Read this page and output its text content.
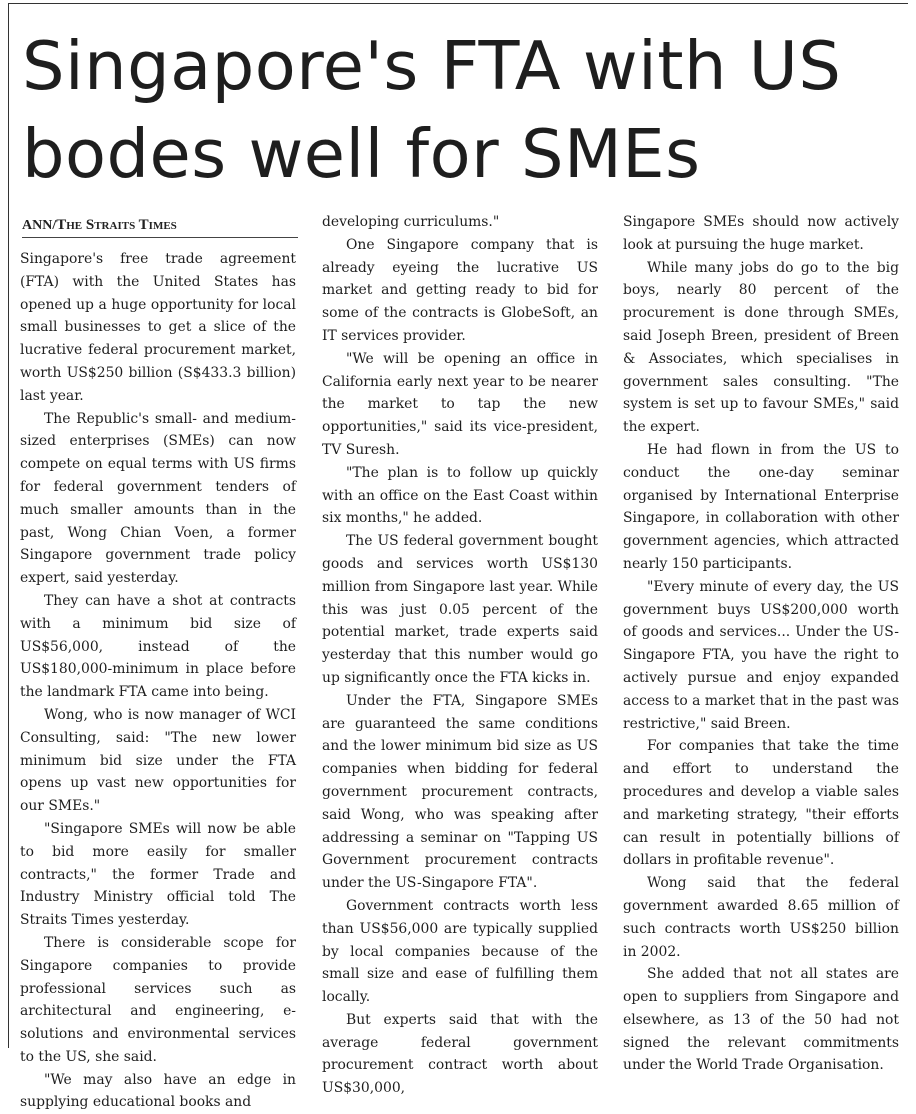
Singapore's FTA with US
bodes well for SMEs
ANN/The Straits Times

Singapore's free trade agreement (FTA) with the United States has opened up a huge opportunity for local small businesses to get a slice of the lucrative federal procurement market, worth US$250 billion (S$433.3 billion) last year.

The Republic's small- and medium-sized enterprises (SMEs) can now compete on equal terms with US firms for federal government tenders of much smaller amounts than in the past, Wong Chian Voen, a former Singapore government trade policy expert, said yesterday.

They can have a shot at contracts with a minimum bid size of US$56,000, instead of the US$180,000-minimum in place before the landmark FTA came into being.

Wong, who is now manager of WCI Consulting, said: "The new lower minimum bid size under the FTA opens up vast new opportunities for our SMEs."

"Singapore SMEs will now be able to bid more easily for smaller contracts," the former Trade and Industry Ministry official told The Straits Times yesterday.

There is considerable scope for Singapore companies to provide professional services such as architectural and engineering, e-solutions and environmental services to the US, she said.

"We may also have an edge in supplying educational books and

developing curriculums."

One Singapore company that is already eyeing the lucrative US market and getting ready to bid for some of the contracts is GlobeSoft, an IT services provider.

"We will be opening an office in California early next year to be nearer the market to tap the new opportunities," said its vice-president, TV Suresh.

"The plan is to follow up quickly with an office on the East Coast within six months," he added.

The US federal government bought goods and services worth US$130 million from Singapore last year. While this was just 0.05 percent of the potential market, trade experts said yesterday that this number would go up significantly once the FTA kicks in.

Under the FTA, Singapore SMEs are guaranteed the same conditions and the lower minimum bid size as US companies when bidding for federal government procurement contracts, said Wong, who was speaking after addressing a seminar on "Tapping US Government procurement contracts under the US-Singapore FTA".

Government contracts worth less than US$56,000 are typically supplied by local companies because of the small size and ease of fulfilling them locally.

But experts said that with the average federal government procurement contract worth about US$30,000,

Singapore SMEs should now actively look at pursuing the huge market.

While many jobs do go to the big boys, nearly 80 percent of the procurement is done through SMEs, said Joseph Breen, president of Breen & Associates, which specialises in government sales consulting. "The system is set up to favour SMEs," said the expert.

He had flown in from the US to conduct the one-day seminar organised by International Enterprise Singapore, in collaboration with other government agencies, which attracted nearly 150 participants.

"Every minute of every day, the US government buys US$200,000 worth of goods and services... Under the US-Singapore FTA, you have the right to actively pursue and enjoy expanded access to a market that in the past was restrictive," said Breen.

For companies that take the time and effort to understand the procedures and develop a viable sales and marketing strategy, "their efforts can result in potentially billions of dollars in profitable revenue".

Wong said that the federal government awarded 8.65 million of such contracts worth US$250 billion in 2002.

She added that not all states are open to suppliers from Singapore and elsewhere, as 13 of the 50 had not signed the relevant commitments under the World Trade Organisation.
